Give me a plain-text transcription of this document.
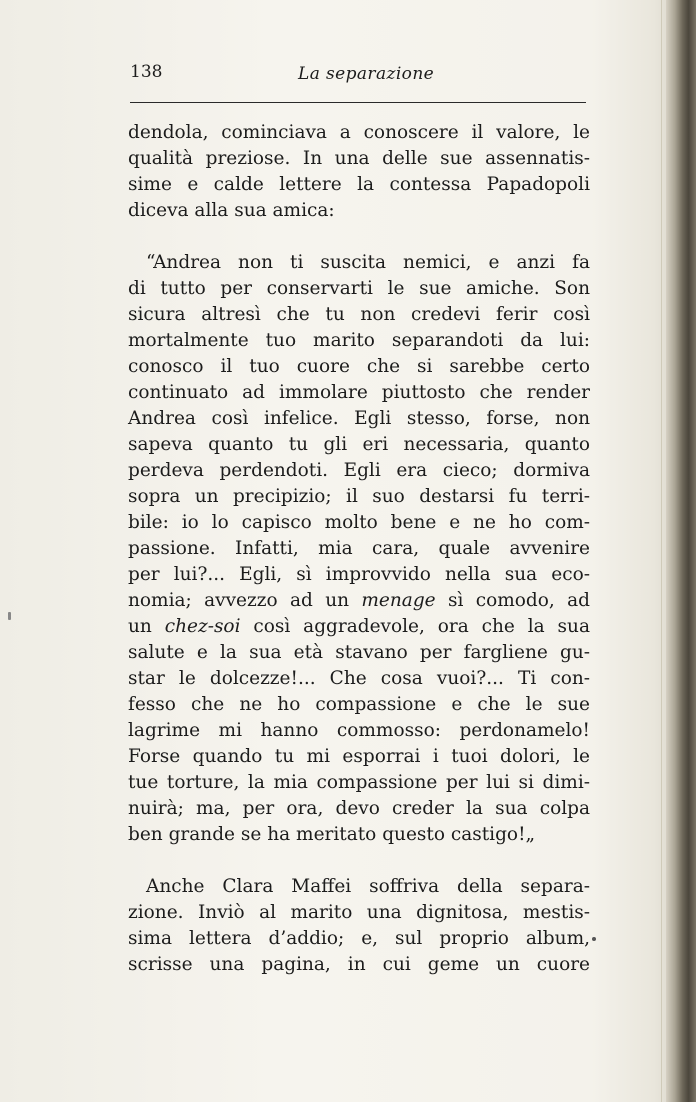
138	La separazione
dendola, cominciava a conoscere il valore, le
qualità preziose. In una delle sue assennatis-
sime e calde lettere la contessa Papadopoli
diceva alla sua amica:
“Andrea non ti suscita nemici, e anzi fa
di tutto per conservarti le sue amiche. Son
sicura altresì che tu non credevi ferir così
mortalmente tuo marito separandoti da lui:
conosco il tuo cuore che si sarebbe certo
continuato ad immolare piuttosto che render
Andrea così infelice. Egli stesso, forse, non
sapeva quanto tu gli eri necessaria, quanto
perdeva perdendoti. Egli era cieco; dormiva
sopra un precipizio; il suo destarsi fu terri-
bile: io lo capisco molto bene e ne ho com-
passione. Infatti, mia cara, quale avvenire
per lui?... Egli, sì improvvido nella sua eco-
nomia; avvezzo ad un menage sì comodo, ad
un chez-soi così aggradevole, ora che la sua
salute e la sua età stavano per fargliene gu-
star le dolcezze!... Che cosa vuoi?... Ti con-
fesso che ne ho compassione e che le sue
lagrime mi hanno commosso: perdonamelo!
Forse quando tu mi esporrai i tuoi dolori, le
tue torture, la mia compassione per lui si dimi-
nuirà; ma, per ora, devo creder la sua colpa
ben grande se ha meritato questo castigo!„
Anche Clara Maffei soffriva della separa-
zione. Inviò al marito una dignitosa, mestis-
sima lettera d’addio; e, sul proprio album,
scrisse una pagina, in cui geme un cuore
